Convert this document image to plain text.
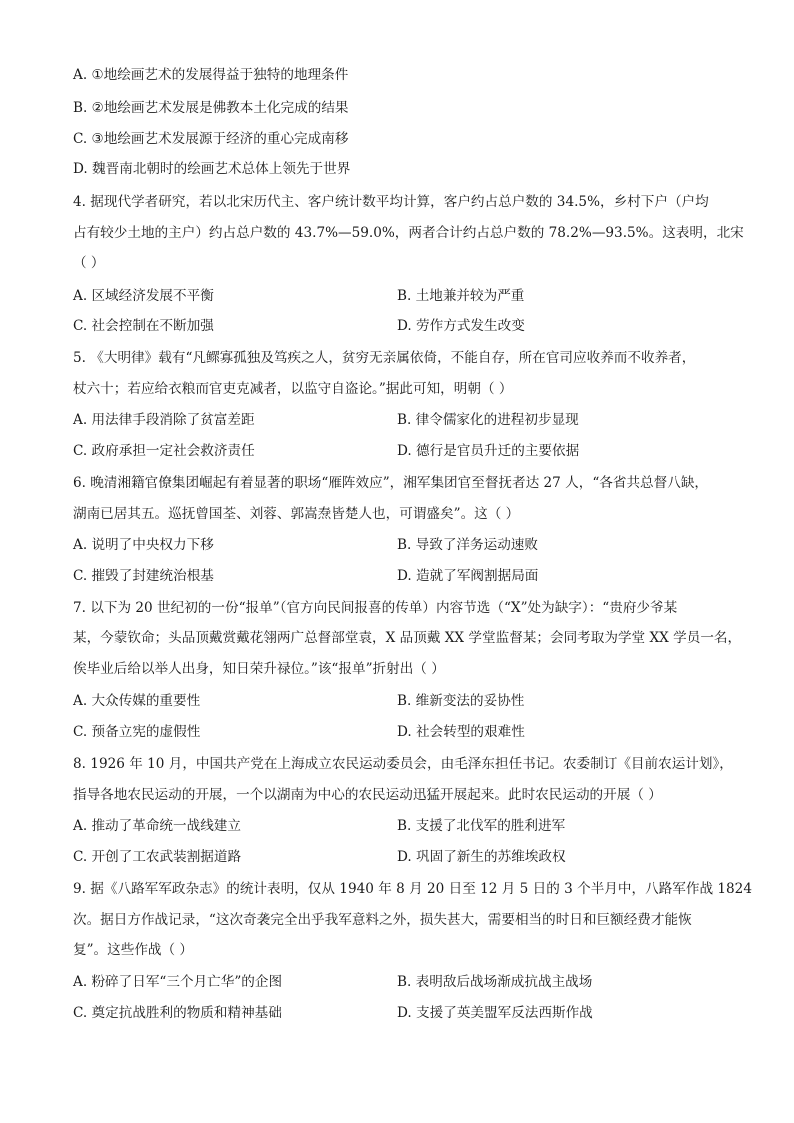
A. ①地绘画艺术的发展得益于独特的地理条件
B. ②地绘画艺术发展是佛教本土化完成的结果
C. ③地绘画艺术发展源于经济的重心完成南移
D. 魏晋南北朝时的绘画艺术总体上领先于世界
4. 据现代学者研究，若以北宋历代主、客户统计数平均计算，客户约占总户数的 34.5%，乡村下户（户均
占有较少土地的主户）约占总户数的 43.7%—59.0%，两者合计约占总户数的 78.2%—93.5%。这表明，北宋
（ ）
A. 区域经济发展不平衡	B. 土地兼并较为严重
C. 社会控制在不断加强	D. 劳作方式发生改变
5. 《大明律》载有“凡鳏寡孤独及笃疾之人，贫穷无亲属依倚，不能自存，所在官司应收养而不收养者，
杖六十；若应给衣粮而官吏克减者，以监守自盗论。”据此可知，明朝（ ）
A. 用法律手段消除了贫富差距	B. 律令儒家化的进程初步显现
C. 政府承担一定社会救济责任	D. 德行是官员升迁的主要依据
6. 晚清湘籍官僚集团崛起有着显著的职场“雁阵效应”，湘军集团官至督抚者达 27 人，“各省共总督八缺，
湖南已居其五。巡抚曾国荃、刘蓉、郭嵩焘皆楚人也，可谓盛矣”。这（ ）
A. 说明了中央权力下移	B. 导致了洋务运动速败
C. 摧毁了封建统治根基	D. 造就了军阀割据局面
7. 以下为 20 世纪初的一份“报单”（官方向民间报喜的传单）内容节选（“X”处为缺字）：“贵府少爷某
某，今蒙钦命；头品顶戴赏戴花翎两广总督部堂袁，X 品顶戴 XX 学堂监督某；会同考取为学堂 XX 学员一名，
俟毕业后给以举人出身，知日荣升禄位。”该“报单”折射出（ ）
A. 大众传媒的重要性	B. 维新变法的妥协性
C. 预备立宪的虚假性	D. 社会转型的艰难性
8. 1926 年 10 月，中国共产党在上海成立农民运动委员会，由毛泽东担任书记。农委制订《目前农运计划》，
指导各地农民运动的开展，一个以湖南为中心的农民运动迅猛开展起来。此时农民运动的开展（ ）
A. 推动了革命统一战线建立	B. 支援了北伐军的胜利进军
C. 开创了工农武装割据道路	D. 巩固了新生的苏维埃政权
9. 据《八路军军政杂志》的统计表明，仅从 1940 年 8 月 20 日至 12 月 5 日的 3 个半月中，八路军作战 1824
次。据日方作战记录，“这次奇袭完全出乎我军意料之外，损失甚大，需要相当的时日和巨额经费才能恢
复”。这些作战（ ）
A. 粉碎了日军“三个月亡华”的企图	B. 表明敌后战场渐成抗战主战场
C. 奠定抗战胜利的物质和精神基础	D. 支援了英美盟军反法西斯作战
